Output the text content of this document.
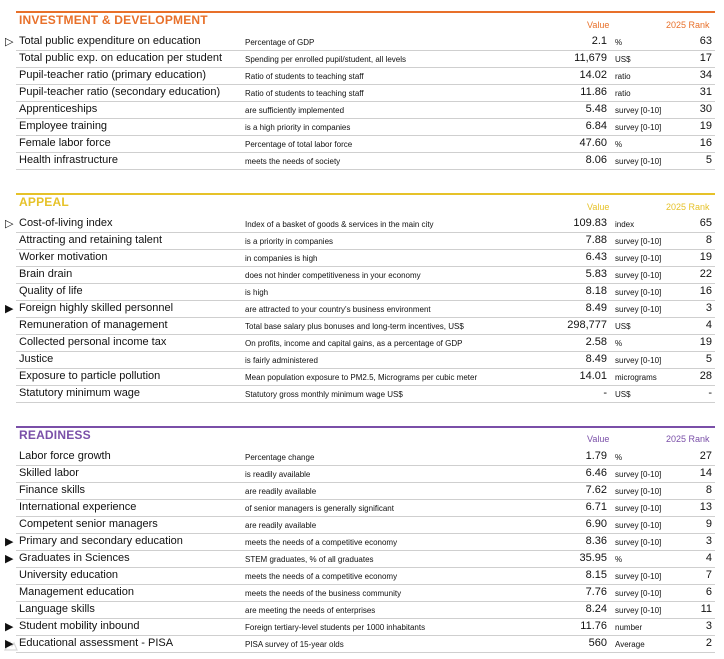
INVESTMENT & DEVELOPMENT	Value	2025 Rank
Total public expenditure on education	Percentage of GDP	2.1 %	63
Total public exp. on education per student	Spending per enrolled pupil/student, all levels	11,679 US$	17
Pupil-teacher ratio (primary education)	Ratio of students to teaching staff	14.02 ratio	34
Pupil-teacher ratio (secondary education)	Ratio of students to teaching staff	11.86 ratio	31
Apprenticeships	are sufficiently implemented	5.48 survey [0-10]	30
Employee training	is a high priority in companies	6.84 survey [0-10]	19
Female labor force	Percentage of total labor force	47.60 %	16
Health infrastructure	meets the needs of society	8.06 survey [0-10]	5
APPEAL	Value	2025 Rank
Cost-of-living index	Index of a basket of goods & services in the main city	109.83 index	65
Attracting and retaining talent	is a priority in companies	7.88 survey [0-10]	8
Worker motivation	in companies is high	6.43 survey [0-10]	19
Brain drain	does not hinder competitiveness in your economy	5.83 survey [0-10]	22
Quality of life	is high	8.18 survey [0-10]	16
Foreign highly skilled personnel	are attracted to your country's business environment	8.49 survey [0-10]	3
Remuneration of management	Total base salary plus bonuses and long-term incentives, US$	298,777 US$	4
Collected personal income tax	On profits, income and capital gains, as a percentage of GDP	2.58 %	19
Justice	is fairly administered	8.49 survey [0-10]	5
Exposure to particle pollution	Mean population exposure to PM2.5, Micrograms per cubic meter	14.01 micrograms	28
Statutory minimum wage	Statutory gross monthly minimum wage US$	- US$	-
READINESS	Value	2025 Rank
Labor force growth	Percentage change	1.79 %	27
Skilled labor	is readily available	6.46 survey [0-10]	14
Finance skills	are readily available	7.62 survey [0-10]	8
International experience	of senior managers is generally significant	6.71 survey [0-10]	13
Competent senior managers	are readily available	6.90 survey [0-10]	9
Primary and secondary education	meets the needs of a competitive economy	8.36 survey [0-10]	3
Graduates in Sciences	STEM graduates, % of all graduates	35.95 %	4
University education	meets the needs of a competitive economy	8.15 survey [0-10]	7
Management education	meets the needs of the business community	7.76 survey [0-10]	6
Language skills	are meeting the needs of enterprises	8.24 survey [0-10]	11
Student mobility inbound	Foreign tertiary-level students per 1000 inhabitants	11.76 number	3
Educational assessment - PISA	PISA survey of 15-year olds	560 Average	2
▷
▷
▶
▶
▶
▶
▶
